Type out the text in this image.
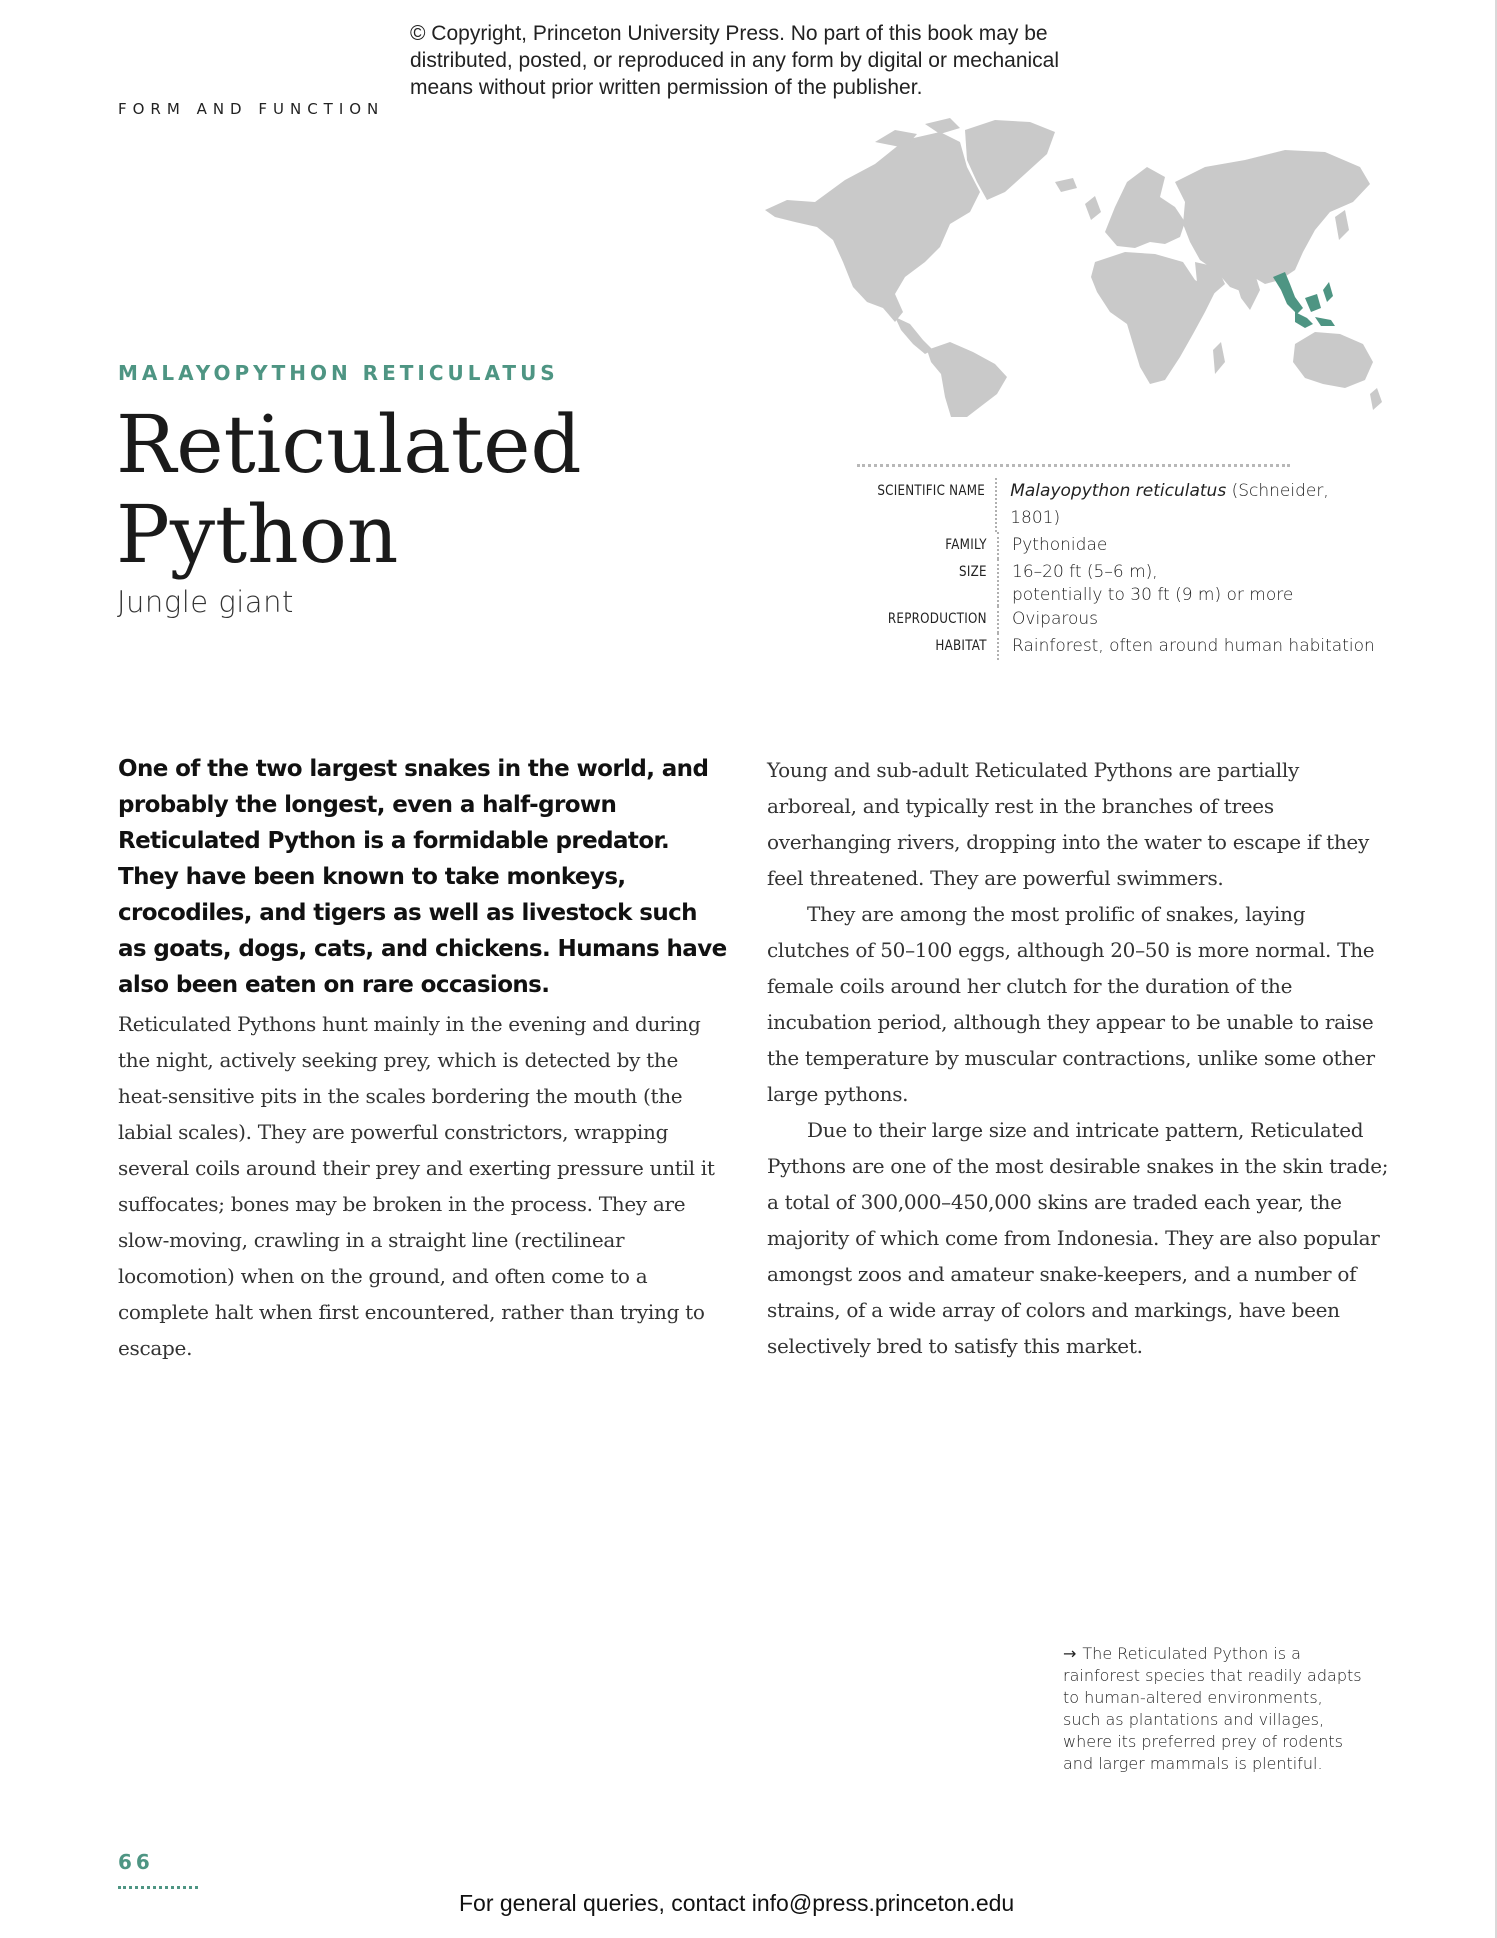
© Copyright, Princeton University Press. No part of this book may be
distributed, posted, or reproduced in any form by digital or mechanical
means without prior written permission of the publisher.
FORM AND FUNCTION
MALAYOPYTHON RETICULATUS
Reticulated
Python
Jungle giant
SCIENTIFIC NAME	Malayopython reticulatus (Schneider, 1801)
FAMILY	Pythonidae
SIZE	16–20 ft (5–6 m),
potentially to 30 ft (9 m) or more
REPRODUCTION	Oviparous
HABITAT	Rainforest, often around human habitation
One of the two largest snakes in the world, and probably the longest, even a half-grown Reticulated Python is a formidable predator. They have been known to take monkeys, crocodiles, and tigers as well as livestock such as goats, dogs, cats, and chickens. Humans have also been eaten on rare occasions.
Reticulated Pythons hunt mainly in the evening and during the night, actively seeking prey, which is detected by the heat-sensitive pits in the scales bordering the mouth (the labial scales). They are powerful constrictors, wrapping several coils around their prey and exerting pressure until it suffocates; bones may be broken in the process. They are slow-moving, crawling in a straight line (rectilinear locomotion) when on the ground, and often come to a complete halt when first encountered, rather than trying to escape.

Young and sub-adult Reticulated Pythons are partially arboreal, and typically rest in the branches of trees overhanging rivers, dropping into the water to escape if they feel threatened. They are powerful swimmers.

They are among the most prolific of snakes, laying clutches of 50–100 eggs, although 20–50 is more normal. The female coils around her clutch for the duration of the incubation period, although they appear to be unable to raise the temperature by muscular contractions, unlike some other large pythons.

Due to their large size and intricate pattern, Reticulated Pythons are one of the most desirable snakes in the skin trade; a total of 300,000–450,000 skins are traded each year, the majority of which come from Indonesia. They are also popular amongst zoos and amateur snake-keepers, and a number of strains, of a wide array of colors and markings, have been selectively bred to satisfy this market.

→ The Reticulated Python is a rainforest species that readily adapts to human-altered environments, such as plantations and villages, where its preferred prey of rodents and larger mammals is plentiful.
66
For general queries, contact info@press.princeton.edu
